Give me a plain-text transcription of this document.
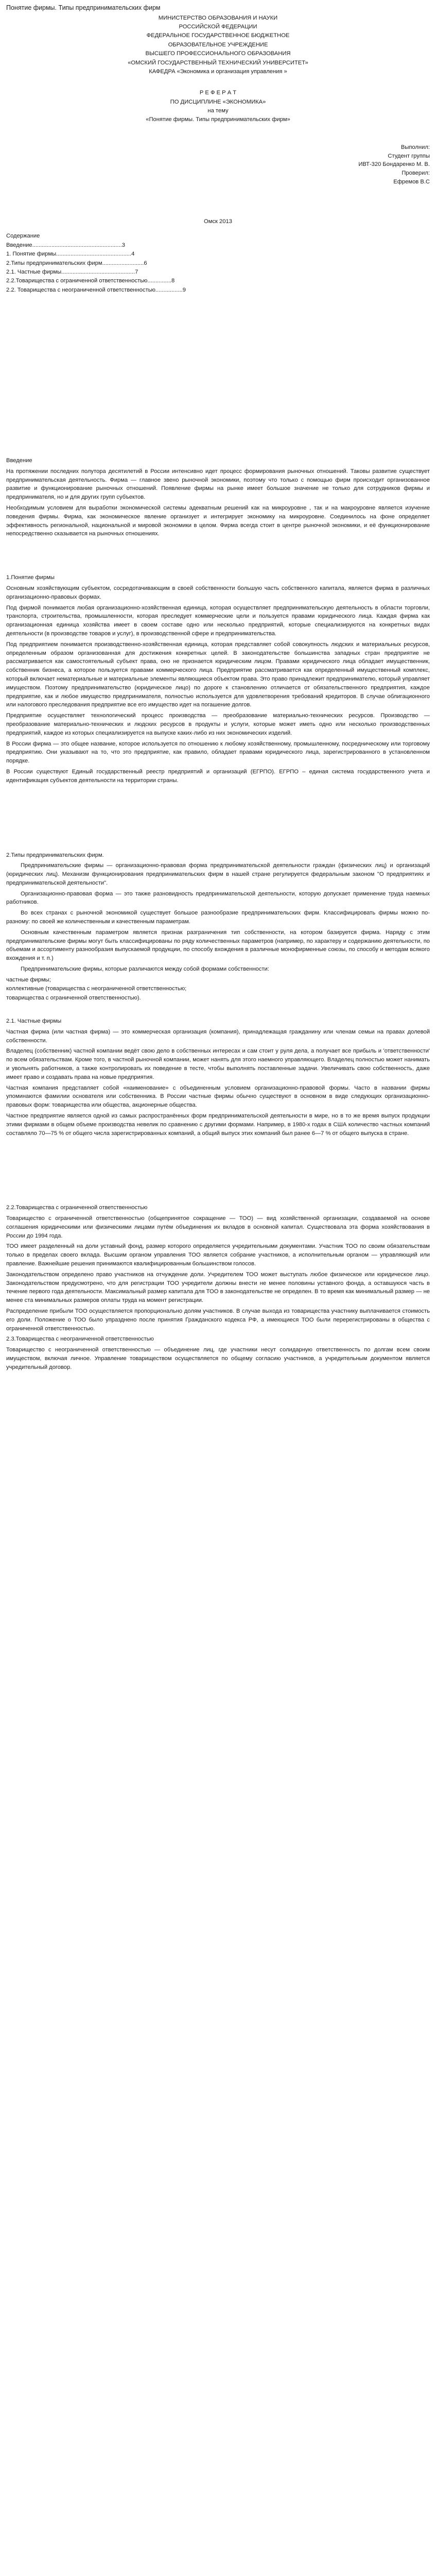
Понятие фирмы. Типы предпринимательских фирм
МИНИСТЕРСТВО ОБРАЗОВАНИЯ И НАУКИ
РОССИЙСКОЙ ФЕДЕРАЦИИ
ФЕДЕРАЛЬНОЕ ГОСУДАРСТВЕННОЕ БЮДЖЕТНОЕ
ОБРАЗОВАТЕЛЬНОЕ УЧРЕЖДЕНИЕ
ВЫСШЕГО ПРОФЕССИОНАЛЬНОГО ОБРАЗОВАНИЯ
«ОМСКИЙ ГОСУДАРСТВЕННЫЙ ТЕХНИЧЕСКИЙ УНИВЕРСИТЕТ»
КАФЕДРА «Экономика и организация управления »
Р Е Ф Е Р А Т
ПО ДИСЦИПЛИНЕ «ЭКОНОМИКА»
на тему
«Понятие фирмы. Типы предпринимательских фирм»
Выполнил:
Студент группы
ИВТ-320 Бондаренко М. В.
Проверил:
Ефремов В.С
Омск 2013
Содержание
Введение........................................................3
1. Понятие фирмы...............................................4
2.Типы предпринимательских фирм..........................6
2.1. Частные фирмы..............................................7
2.2.Товарищества с ограниченной ответственностью...............8
2.2. Товарищества с неограниченной ответственностью.................9
Введение

На протяжении последних полутора десятилетий в России интенсивно идет процесс формирования рыночных отношений. Таковы развитие существует предпринимательская деятельность. Фирма — главное звено рыночной экономики, поэтому что только с помощью фирм происходит организованное развитие и функционирование рыночных отношений. Появление фирмы на рынке имеет большое значение не только для сотрудников фирмы и предпринимателя, но и для других групп субъектов.

Необходимым условием для выработки экономической системы адекватным решений как на микроуровне , так и на макроуровне является изучение поведения фирмы. Фирма, как экономическое явление организует и интегрирует экономику на микроуровне. Соединилось на фоне определяет эффективность региональной, национальной и мировой экономики в целом. Фирма всегда стоит в центре рыночной экономики, и её функционирование непосредственно сказывается на рыночных отношениях.

1.Понятие фирмы

Основным хозяйствующим субъектом, сосредотачивающим в своей собственности большую часть собственного капитала, является фирма в различных организационно-правовых формах.

Под фирмой понимается любая организационно-хозяйственная единица, которая осуществляет предпринимательскую деятельность в области торговли, транспорта, строительства, промышленности, которая преследует коммерческие цели и пользуется правами юридического лица. Каждая фирма как организационная единица хозяйства имеет в своем составе одно или несколько предприятий, которые специализируются на конкретных видах деятельности (в производстве товаров и услуг), в производственной сфере и предпринимательства.

Под предприятием понимается производственно-хозяйственная единица, которая представляет собой совокупность людских и материальных ресурсов, определенным образом организованная для достижения конкретных целей. В законодательстве большинства западных стран предприятие не рассматривается как самостоятельный субъект права, оно не признается юридическим лицом. Правами юридического лица обладает имущественник, собственник бизнеса, а которое пользуется правами коммерческого лица. Предприятие рассматривается как определенный имущественный комплекс, который включает нематериальные и материальные элементы являющиеся объектом права. Это право принадлежит предпринимателю, который управляет имуществом. Поэтому предпринимательство (юридическое лицо) по дороге к становлению отличается от обязательственного предприятия, каждое предприятие, как и любое имущество предпринимателя, полностью используется для удовлетворения требований кредиторов. В случае облигационного или налогового преследования предприятие все его имущество идет на погашение долгов.

Предприятие осуществляет технологический процесс производства — преобразование материально-технических ресурсов. Производство — преобразование материально-технических и людских ресурсов в продукты и услуги, которые может иметь одно или несколько производственных предприятий, каждое из которых специализируется на выпуске каких-либо из них экономических изделий.

В России фирма — это общее название, которое используется по отношению к любому хозяйственному, промышленному, посредническому или торговому предприятию. Они указывают на то, что это предприятие, как правило, обладает правами юридического лица, зарегистрированного в установленном порядке.

В России существуют Единый государственный реестр предприятий и организаций (ЕГРПО). ЕГРПО – единая система государственного учета и идентификация субъектов деятельности на территории страны.

2.Типы предпринимательских фирм.

Предпринимательские фирмы — организационно-правовая форма предпринимательской деятельности граждан (физических лиц) и организаций (юридических лиц). Механизм функционирования предпринимательских фирм в нашей стране регулируется федеральным законом "О предприятиях и предпринимательской деятельности".

Организационно-правовая форма — это также разновидность предпринимательской деятельности, которую допускает применение труда наемных работников.

Во всех странах с рыночной экономикой существует большое разнообразие предпринимательских фирм. Классифицировать фирмы можно по-разному: по своей же количественным и качественным параметрам.

Основным качественным параметром является признак разграничения тип собственности, на котором базируется фирма. Наряду с этим предпринимательские фирмы могут быть классифицированы по ряду количественных параметров (например, по характеру и содержанию деятельности, по объемам и ассортименту разнообразия выпускаемой продукции, по способу вхождения в различные монофирменные союзы, по способу и методам всякого вхождения и т. п.)

Предпринимательские фирмы, которые различаются между собой формами собственности:

частные фирмы;
коллективные (товарищества с неограниченной ответственностью;
товарищества с ограниченной ответственностью).
2.1. Частные фирмы

Частная фирма (или частная фирма) — это коммерческая организация (компания), принадлежащая гражданину или членам семьи на правах долевой собственности.

Владелец (собственник) частной компании ведёт свою дело в собственных интересах и сам стоит у руля дела, а получает все прибыль и 'ответственности' по всем обязательствам. Кроме того, в частной рыночной компании, может нанять для этого наемного управляющего. Владелец полностью может нанимать и увольнять работников, а также контролировать их поведение в тесте, чтобы выполнять поставленные задачи. Увеличивать свою собственность, даже имеет право и создавать права на новые предприятия.

Частная компания представляет собой «наименование» с объединенным условием организационно-правовой формы. Часто в названии фирмы упоминаются фамилии основателя или собственника. В России частные фирмы обычно существуют в основном в виде следующих организационно-правовых форм: товарищества или общества, акционерные общества.

Частное предприятие является одной из самых распространённых форм предпринимательской деятельности в мире, но в то же время выпуск продукции этими фирмами в общем объеме производства невелик по сравнению с другими формами. Например, в 1980-х годах в США количество частных компаний составляло 70—75 % от общего числа зарегистрированных компаний, а общий выпуск этих компаний был ранее 6—7 % от общего выпуска в стране.

2.2.Товарищества с ограниченной ответственностью

Товарищество с ограниченной ответственностью (общепринятое сокращение — ТОО) — вид хозяйственной организации, создаваемой на основе соглашения юридическими или физическими лицами путём объединения их вкладов в основной капитал. Существовала эта форма хозяйствования в России до 1994 года.

ТОО имеет разделенный на доли уставный фонд, размер которого определяется учредительными документами. Участник ТОО по своим обязательствам только в пределах своего вклада. Высшим органом управления ТОО является собрание участников, а исполнительным органом — управляющий или правление. Важнейшие решения принимаются квалифицированным большинством голосов.

Законодательством определено право участников на отчуждение доли. Учредителем ТОО может выступать любое физическое или юридическое лицо. Законодательством предусмотрено, что для регистрации ТОО учредители должны внести не менее половины уставного фонда, а оставшуюся часть в течение первого года деятельности. Максимальный размер капитала для ТОО в законодательстве не определен. В то время как минимальный размер — не менее ста минимальных размеров оплаты труда на момент регистрации.

Распределение прибыли ТОО осуществляется пропорционально долям участников. В случае выхода из товарищества участнику выплачивается стоимость его доли. Положение о ТОО было упразднено после принятия Гражданского кодекса РФ, а имеющиеся ТОО были перерегистрированы в общества с ограниченной ответственностью.

2.3.Товарищества с неограниченной ответственностью

Товарищество с неограниченной ответственностью — объединение лиц, где участники несут солидарную ответственность по долгам всем своим имуществом, включая личное. Управление товариществом осуществляется по общему согласию участников, а учредительным документом является учредительный договор.
